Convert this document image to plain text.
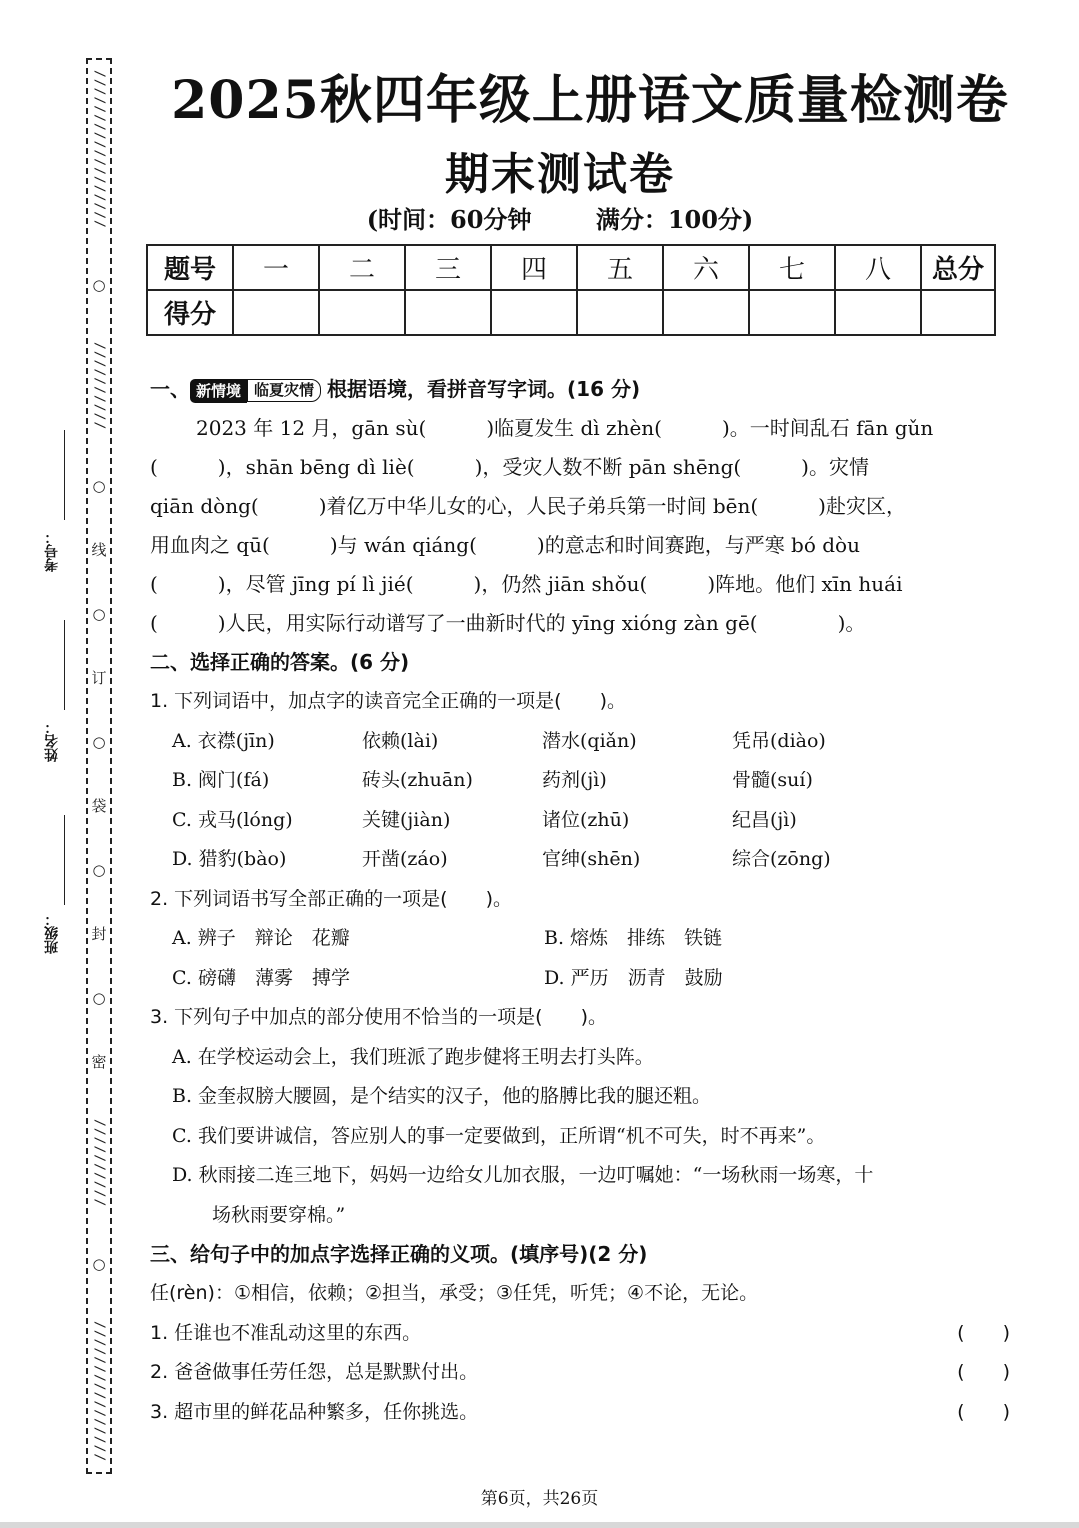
//////////////////
○
//////////
○
线
○
订
○
袋
○
封
○
密
//////////
○
////////////////
考号：
姓名：
班级：
2025秋四年级上册语文质量检测卷
期末测试卷
(时间：60分钟	满分：100分)
题号	一	二	三	四	五	六	七	八	总分
得分									

一、 新情境 临夏灾情 根据语境，看拼音写字词。(16 分)

2023 年 12 月，gān sù(　　　)临夏发生 dì zhèn(　　　)。一时间乱石 fān gǔn

(　　　)，shān bēng dì liè(　　　)，受灾人数不断 pān shēng(　　　)。灾情

qiān dòng(　　　)着亿万中华儿女的心，人民子弟兵第一时间 bēn(　　　)赴灾区，

用血肉之 qū(　　　)与 wán qiáng(　　　)的意志和时间赛跑，与严寒 bó dòu

(　　　)，尽管 jīng pí lì jié(　　　)，仍然 jiān shǒu(　　　)阵地。他们 xīn huái

(　　　)人民，用实际行动谱写了一曲新时代的 yīng xióng zàn gē(　　　　)。

二、选择正确的答案。(6 分)

1. 下列词语中，加点字的读音完全正确的一项是(　　)。

A. 衣襟(jīn)	依赖(lài)	潜水(qiǎn)	凭吊(diào)
B. 阀门(fá)	砖头(zhuān)	药剂(jì)	骨髓(suí)
C. 戎马(lóng)	关键(jiàn)	诸位(zhū)	纪昌(jì)
D. 猎豹(bào)	开凿(záo)	官绅(shēn)	综合(zōng)

2. 下列词语书写全部正确的一项是(　　)。

A. 辨子　辩论　花瓣	B. 熔炼　排练　铁链
C. 磅礴　薄雾　搏学	D. 严历　沥青　鼓励

3. 下列句子中加点的部分使用不恰当的一项是(　　)。

A. 在学校运动会上，我们班派了跑步健将王明去打头阵。

B. 金奎叔膀大腰圆，是个结实的汉子，他的胳膊比我的腿还粗。

C. 我们要讲诚信，答应别人的事一定要做到，正所谓“机不可失，时不再来”。

D. 秋雨接二连三地下，妈妈一边给女儿加衣服，一边叮嘱她：“一场秋雨一场寒，十

场秋雨要穿棉。”

三、给句子中的加点字选择正确的义项。(填序号)(2 分)

任(rèn)：①相信，依赖；②担当，承受；③任凭，听凭；④不论，无论。

1. 任谁也不准乱动这里的东西。	(　　)
2. 爸爸做事任劳任怨，总是默默付出。	(　　)
3. 超市里的鲜花品种繁多，任你挑选。	(　　)
第6页，共26页
